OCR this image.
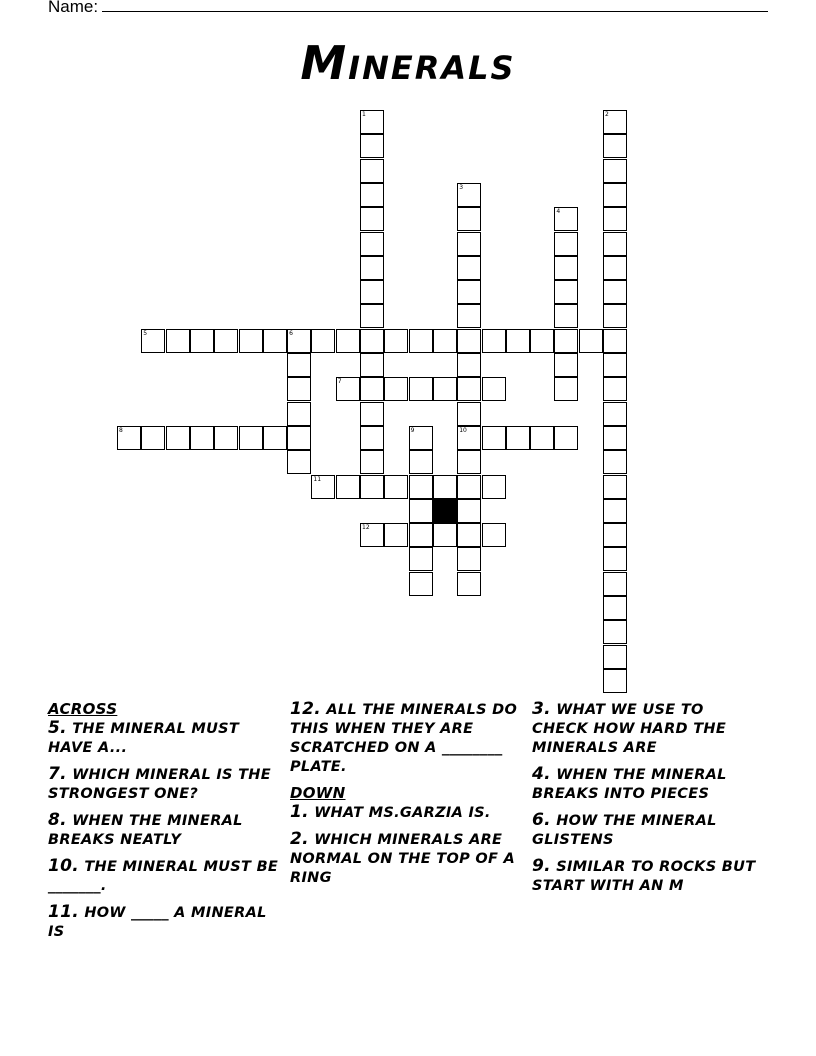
Name:
Minerals
1	2
3
10
4
5	6
7
8	9
11
12
ACROSS
5. THE MINERAL MUST HAVE A...
7. WHICH MINERAL IS THE STRONGEST ONE?
8. WHEN THE MINERAL BREAKS NEATLY
10. THE MINERAL MUST BE _______.
11. HOW _____ A MINERAL IS
12. ALL THE MINERALS DO THIS WHEN THEY ARE SCRATCHED ON A ________ PLATE.
DOWN
1. WHAT MS.GARZIA IS.
2. WHICH MINERALS ARE NORMAL ON THE TOP OF A RING
3. WHAT WE USE TO CHECK HOW HARD THE MINERALS ARE
4. WHEN THE MINERAL BREAKS INTO PIECES
6. HOW THE MINERAL GLISTENS
9. SIMILAR TO ROCKS BUT START WITH AN M
